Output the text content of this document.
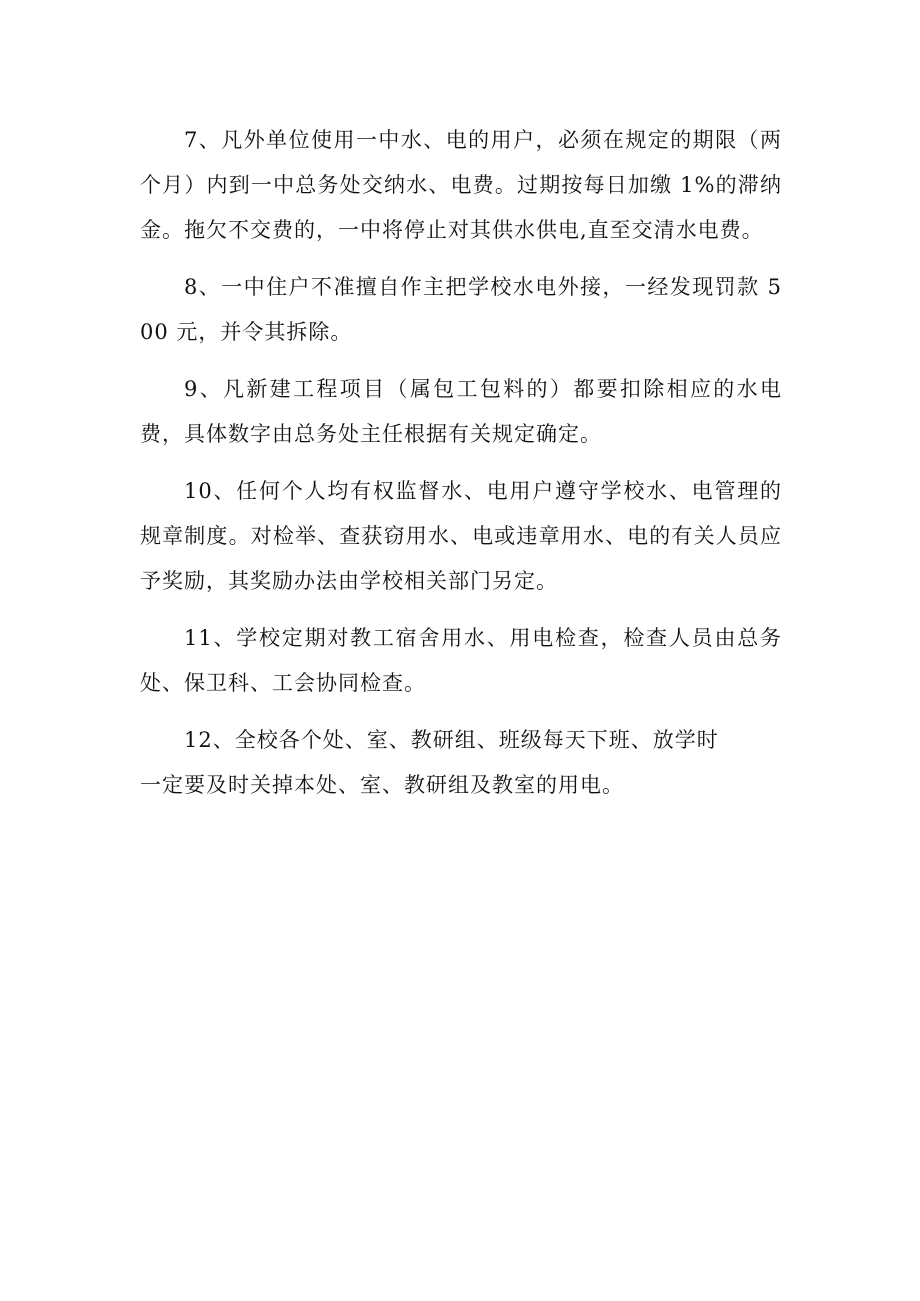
7、凡外单位使用一中水、电的用户，必须在规定的期限（两个月）内到一中总务处交纳水、电费。过期按每日加缴 1%的滞纳金。拖欠不交费的，一中将停止对其供水供电,直至交清水电费。

8、一中住户不准擅自作主把学校水电外接，一经发现罚款 500 元，并令其拆除。

9、凡新建工程项目（属包工包料的）都要扣除相应的水电费，具体数字由总务处主任根据有关规定确定。

10、任何个人均有权监督水、电用户遵守学校水、电管理的规章制度。对检举、查获窃用水、电或违章用水、电的有关人员应予奖励，其奖励办法由学校相关部门另定。

11、学校定期对教工宿舍用水、用电检查，检查人员由总务处、保卫科、工会协同检查。

12、全校各个处、室、教研组、班级每天下班、放学时
一定要及时关掉本处、室、教研组及教室的用电。
